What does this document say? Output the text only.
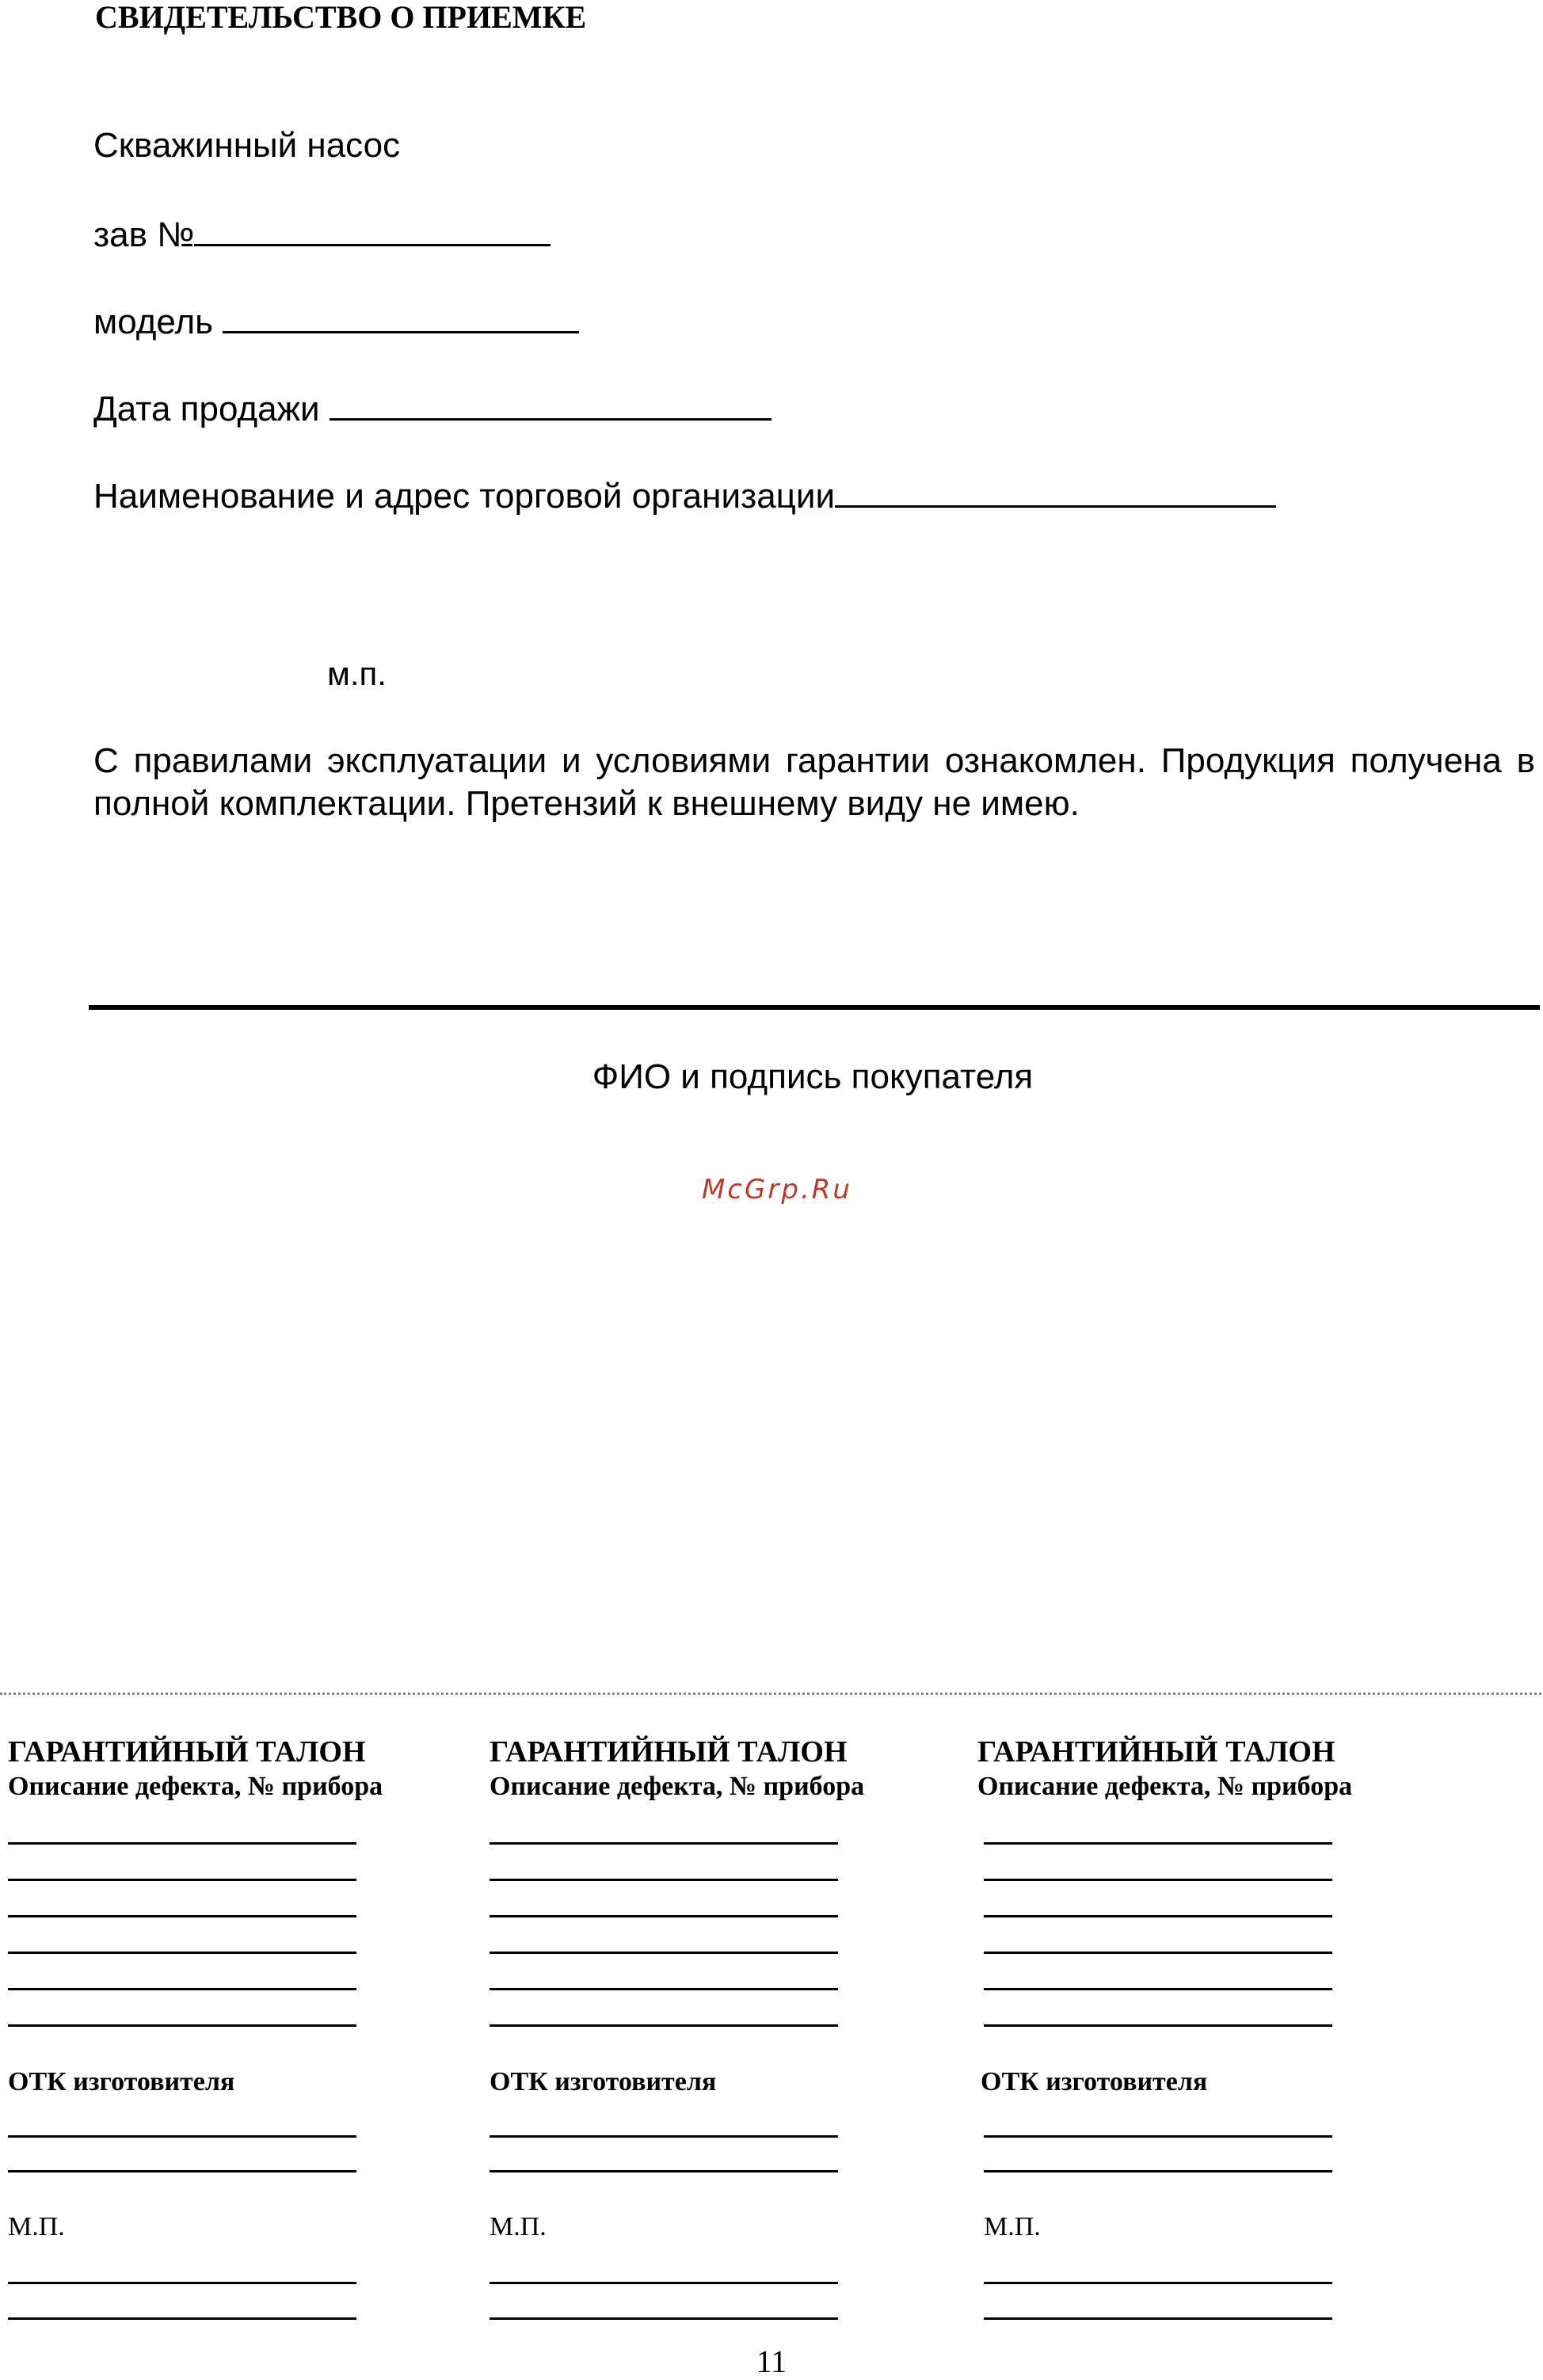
СВИДЕТЕЛЬСТВО О ПРИЕМКЕ
Скважинный насос
зав №
модель
Дата продажи
Наименование и адрес торговой организации
м.п.
С правилами эксплуатации и условиями гарантии ознакомлен. Продукция получена в полной комплектации. Претензий к внешнему виду не имею.
ФИО и подпись покупателя
McGrp.Ru
ГАРАНТИЙНЫЙ ТАЛОН
Описание дефекта, № прибора
ОТК изготовителя
М.П.
ГАРАНТИЙНЫЙ ТАЛОН
Описание дефекта, № прибора
ОТК изготовителя
М.П.
ГАРАНТИЙНЫЙ ТАЛОН
Описание дефекта, № прибора
ОТК изготовителя
М.П.
11
